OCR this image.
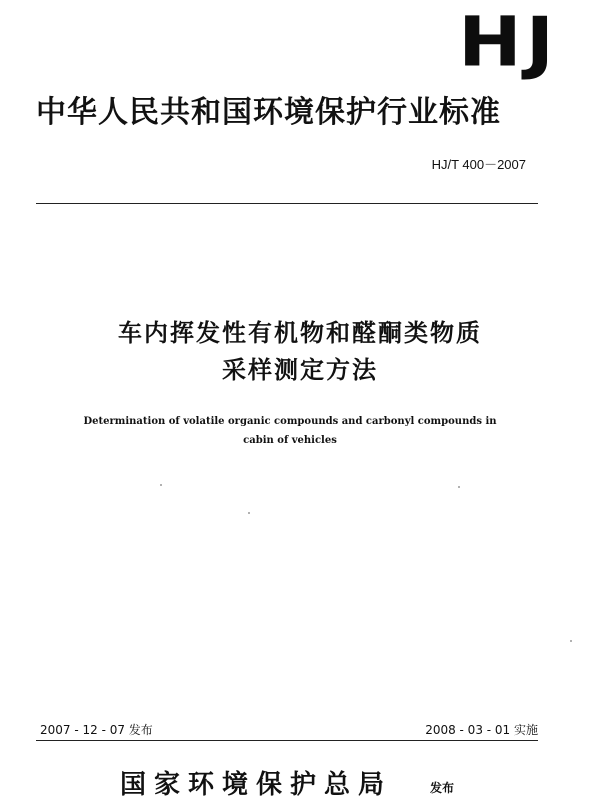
HJ
中华人民共和国环境保护行业标准
HJ/T 400－2007
车内挥发性有机物和醛酮类物质
采样测定方法
Determination of volatile organic compounds and carbonyl compounds in
cabin of vehicles
2007 - 12 - 07 发布	2008 - 03 - 01 实施
国家环境保护总局	发布
